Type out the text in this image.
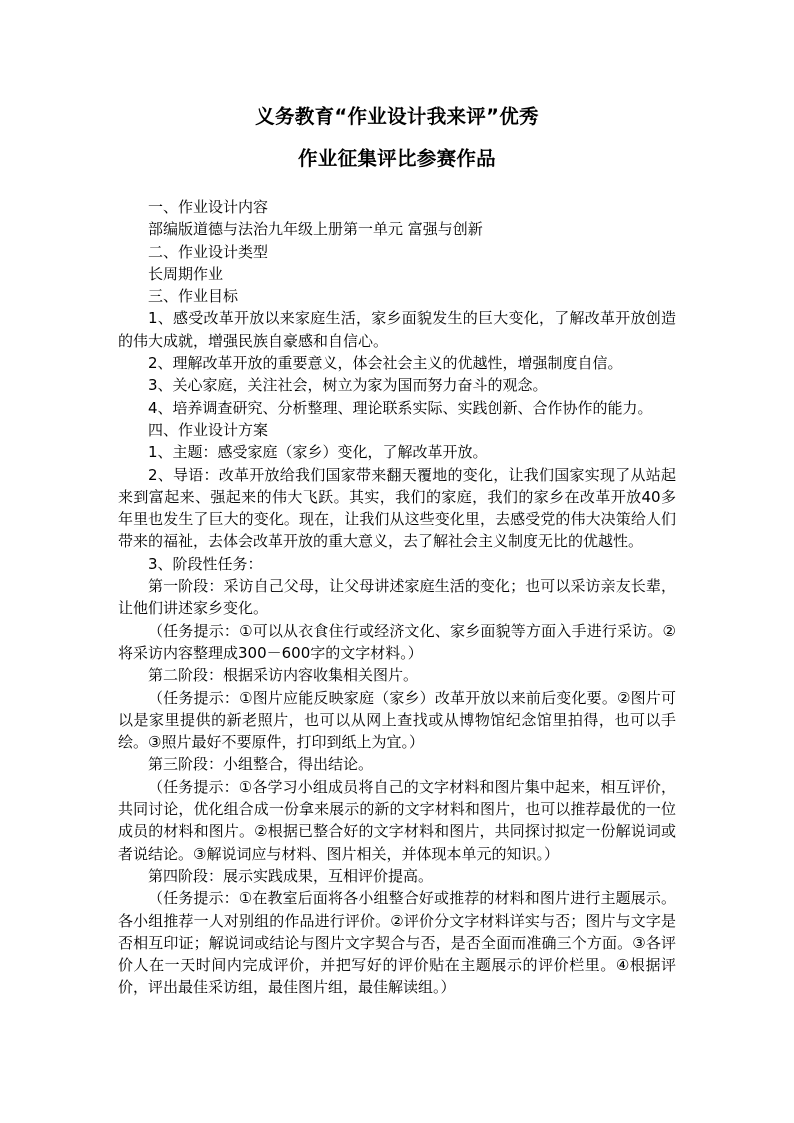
义务教育“作业设计我来评”优秀
作业征集评比参赛作品

一、作业设计内容

部编版道德与法治九年级上册第一单元 富强与创新

二、作业设计类型

长周期作业

三、作业目标

1、感受改革开放以来家庭生活，家乡面貌发生的巨大变化，了解改革开放创造的伟大成就，增强民族自豪感和自信心。

2、理解改革开放的重要意义，体会社会主义的优越性，增强制度自信。

3、关心家庭，关注社会，树立为家为国而努力奋斗的观念。

4、培养调查研究、分析整理、理论联系实际、实践创新、合作协作的能力。

四、作业设计方案

1、主题：感受家庭（家乡）变化，了解改革开放。

2、导语：改革开放给我们国家带来翻天覆地的变化，让我们国家实现了从站起来到富起来、强起来的伟大飞跃。其实，我们的家庭，我们的家乡在改革开放40多年里也发生了巨大的变化。现在，让我们从这些变化里，去感受党的伟大决策给人们带来的福祉，去体会改革开放的重大意义，去了解社会主义制度无比的优越性。

3、阶段性任务：

第一阶段：采访自己父母，让父母讲述家庭生活的变化；也可以采访亲友长辈，让他们讲述家乡变化。

（任务提示：①可以从衣食住行或经济文化、家乡面貌等方面入手进行采访。②将采访内容整理成300－600字的文字材料。）

第二阶段：根据采访内容收集相关图片。

（任务提示：①图片应能反映家庭（家乡）改革开放以来前后变化要。②图片可以是家里提供的新老照片，也可以从网上查找或从博物馆纪念馆里拍得，也可以手绘。③照片最好不要原件，打印到纸上为宜。）

第三阶段：小组整合，得出结论。

（任务提示：①各学习小组成员将自己的文字材料和图片集中起来，相互评价，共同讨论，优化组合成一份拿来展示的新的文字材料和图片，也可以推荐最优的一位成员的材料和图片。②根据已整合好的文字材料和图片，共同探讨拟定一份解说词或者说结论。③解说词应与材料、图片相关，并体现本单元的知识。）

第四阶段：展示实践成果，互相评价提高。

（任务提示：①在教室后面将各小组整合好或推荐的材料和图片进行主题展示。各小组推荐一人对别组的作品进行评价。②评价分文字材料详实与否；图片与文字是否相互印证；解说词或结论与图片文字契合与否，是否全面而准确三个方面。③各评价人在一天时间内完成评价，并把写好的评价贴在主题展示的评价栏里。④根据评价，评出最佳采访组，最佳图片组，最佳解读组。）
